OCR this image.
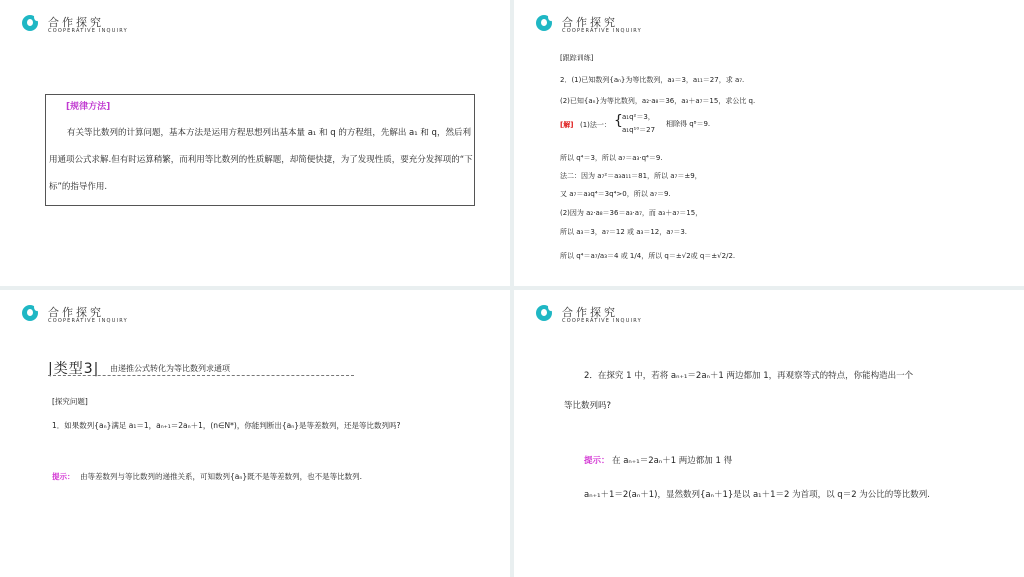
合作探究
COOPERATIVE INQUIRY
[规律方法]
有关等比数列的计算问题，基本方法是运用方程思想列出基本量 a₁ 和 q 的方程组，先解出 a₁ 和 q，然后利用通项公式求解.但有时运算稍繁，而利用等比数列的性质解题，却简便快捷，为了发现性质，要充分发挥项的“下标”的指导作用.
合作探究
COOPERATIVE INQUIRY
[跟踪训练]
2．(1)已知数列{aₙ}为等比数列，a₃＝3，a₁₁＝27，求 a₇.
(2)已知{aₙ}为等比数列，a₂·a₈＝36，a₃＋a₇＝15，求公比 q.
[解] (1)法一： { a₁q²＝3，
a₁q¹⁰＝27
相除得 q⁸＝9.
所以 q⁴＝3，所以 a₇＝a₃·q⁴＝9.
法二：因为 a₇²＝a₃a₁₁＝81，所以 a₇＝±9，
又 a₇＝a₃q⁴＝3q⁴>0，所以 a₇＝9.
(2)因为 a₂·a₈＝36＝a₃·a₇，而 a₃＋a₇＝15，
所以 a₃＝3，a₇＝12 或 a₃＝12，a₇＝3.
所以 q⁴＝a₇/a₃＝4 或 1/4，所以 q＝±√2或 q＝±√2/2.
合作探究
COOPERATIVE INQUIRY
|类型3| 由递推公式转化为等比数列求通项
[探究问题]
1．如果数列{aₙ}满足 a₁＝1，aₙ₊₁＝2aₙ＋1，(n∈N*)，你能判断出{aₙ}是等差数列，还是等比数列吗?
提示： 由等差数列与等比数列的递推关系，可知数列{aₙ}既不是等差数列，也不是等比数列.
合作探究
COOPERATIVE INQUIRY
2．在探究 1 中，若将 aₙ₊₁＝2aₙ＋1 两边都加 1，再观察等式的特点，你能构造出一个
等比数列吗?
提示： 在 aₙ₊₁＝2aₙ＋1 两边都加 1 得
aₙ₊₁＋1＝2(aₙ＋1)，显然数列{aₙ＋1}是以 a₁＋1＝2 为首项，以 q＝2 为公比的等比数列.
